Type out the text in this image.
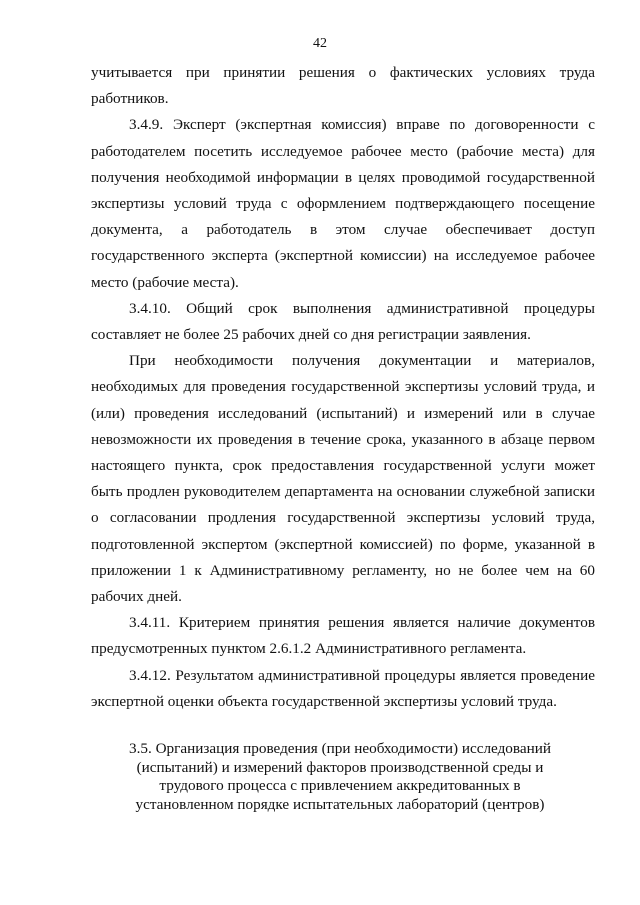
42

учитывается при принятии решения о фактических условиях труда работников.

3.4.9. Эксперт (экспертная комиссия) вправе по договоренности с работодателем посетить исследуемое рабочее место (рабочие места) для получения необходимой информации в целях проводимой государственной экспертизы условий труда с оформлением подтверждающего посещение документа, а работодатель в этом случае обеспечивает доступ государственного эксперта (экспертной комиссии) на исследуемое рабочее место (рабочие места).

3.4.10. Общий срок выполнения административной процедуры составляет не более 25 рабочих дней со дня регистрации заявления.

При необходимости получения документации и материалов, необходимых для проведения государственной экспертизы условий труда, и (или) проведения исследований (испытаний) и измерений или в случае невозможности их проведения в течение срока, указанного в абзаце первом настоящего пункта, срок предоставления государственной услуги может быть продлен руководителем департамента на основании служебной записки о согласовании продления государственной экспертизы условий труда, подготовленной экспертом (экспертной комиссией) по форме, указанной в приложении 1 к Административному регламенту, но не более чем на 60 рабочих дней.

3.4.11. Критерием принятия решения является наличие документов предусмотренных пунктом 2.6.1.2 Административного регламента.

3.4.12. Результатом административной процедуры является проведение экспертной оценки объекта государственной экспертизы условий труда.

3.5. Организация проведения (при необходимости) исследований (испытаний) и измерений факторов производственной среды и трудового процесса с привлечением аккредитованных в установленном порядке испытательных лабораторий (центров)
